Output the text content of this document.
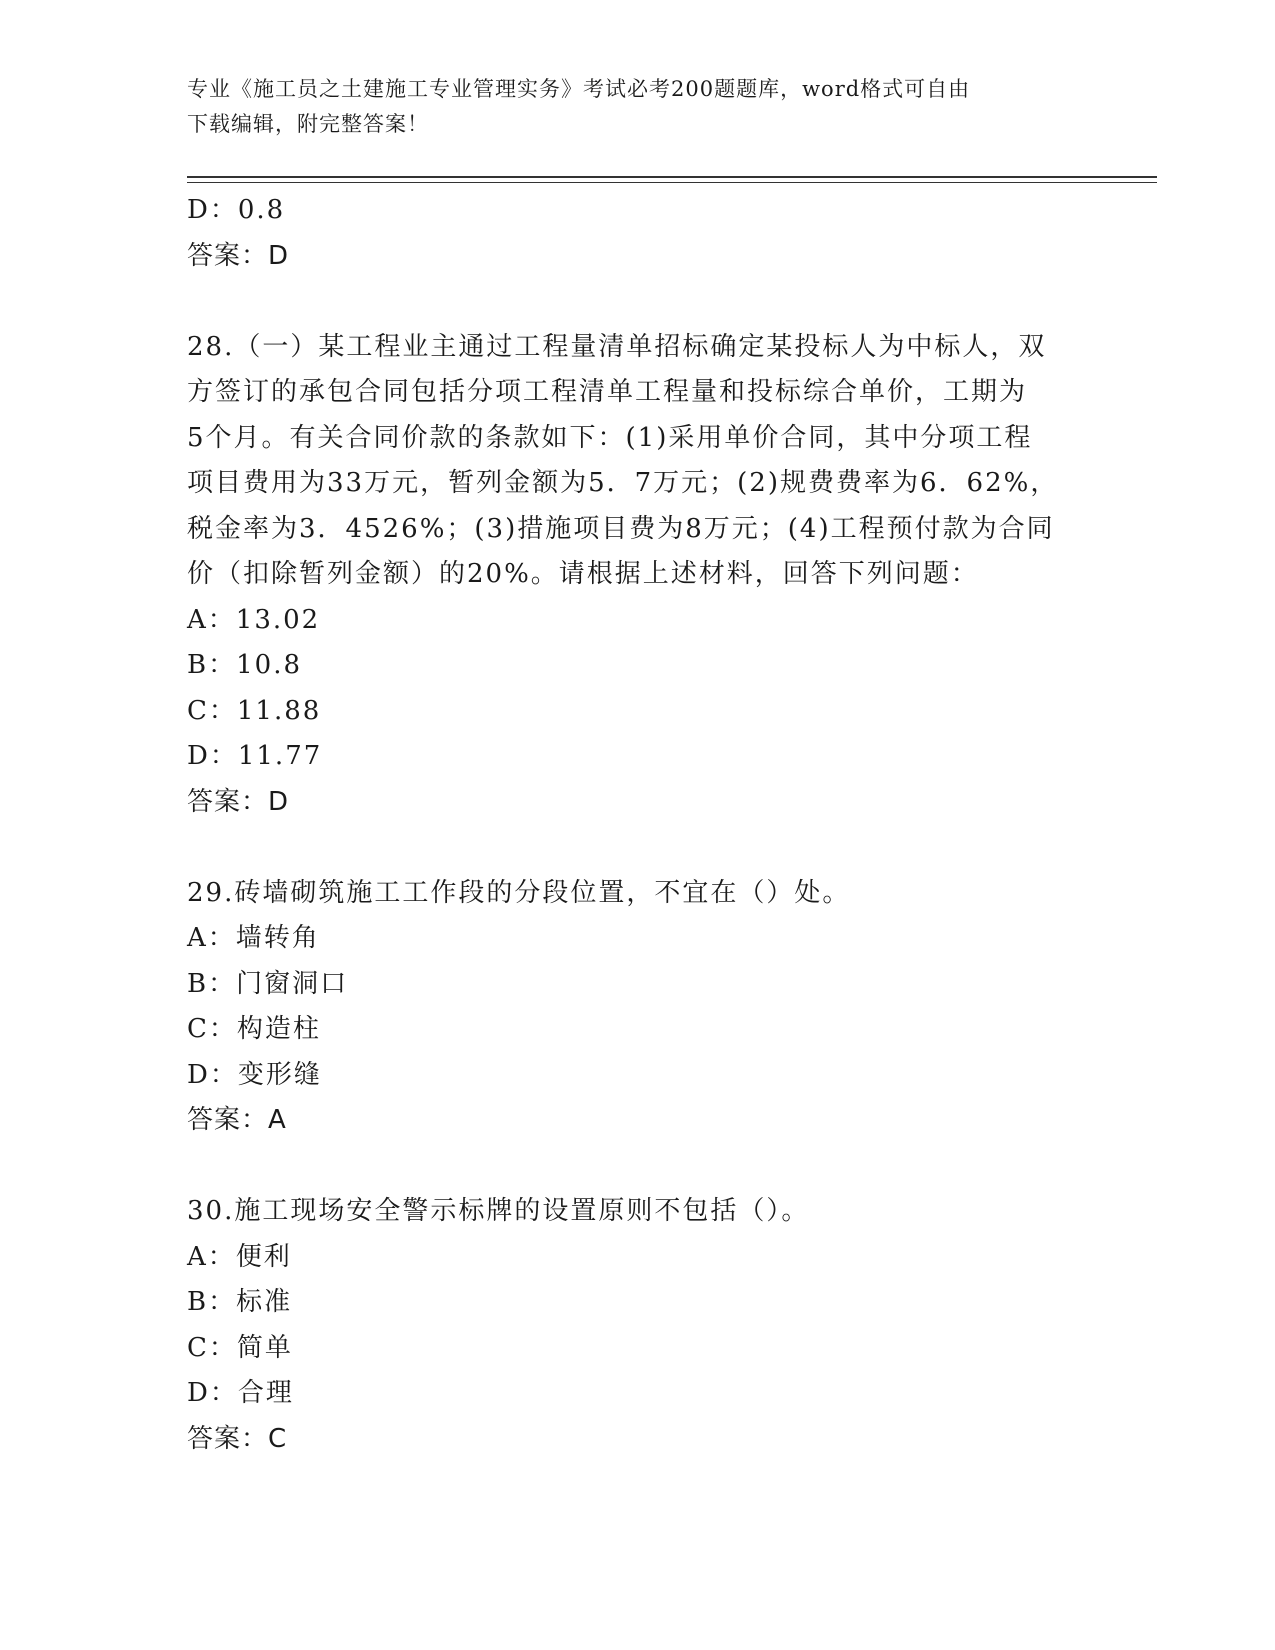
专业《施工员之土建施工专业管理实务》考试必考200题题库，word格式可自由
下载编辑，附完整答案！
D：0.8
答案：D
28.（一）某工程业主通过工程量清单招标确定某投标人为中标人，双
方签订的承包合同包括分项工程清单工程量和投标综合单价，工期为
5个月。有关合同价款的条款如下：(1)采用单价合同，其中分项工程
项目费用为33万元，暂列金额为5．7万元；(2)规费费率为6．62%，
税金率为3．4526%；(3)措施项目费为8万元；(4)工程预付款为合同
价（扣除暂列金额）的20%。请根据上述材料，回答下列问题：
A：13.02
B：10.8
C：11.88
D：11.77
答案：D
29.砖墙砌筑施工工作段的分段位置，不宜在（）处。
A：墙转角
B：门窗洞口
C：构造柱
D：变形缝
答案：A
30.施工现场安全警示标牌的设置原则不包括（）。
A：便利
B：标准
C：简单
D：合理
答案：C
